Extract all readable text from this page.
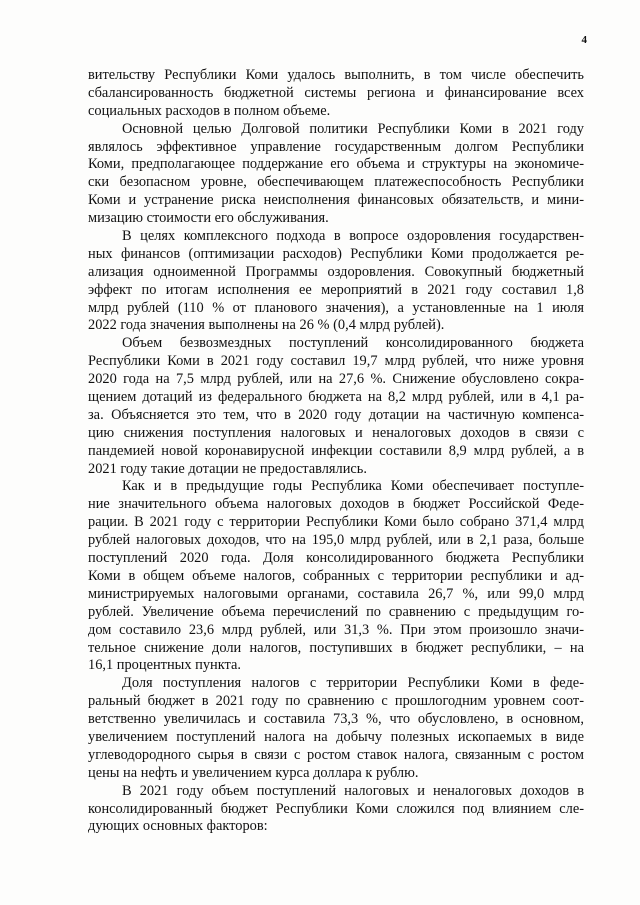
4
вительству Республики Коми удалось выполнить, в том числе обеспечить
сбалансированность бюджетной системы региона и финансирование всех
социальных расходов в полном объеме.
Основной целью Долговой политики Республики Коми в 2021 году
являлось эффективное управление государственным долгом Республики
Коми, предполагающее поддержание его объема и структуры на экономиче-
ски безопасном уровне, обеспечивающем платежеспособность Республики
Коми и устранение риска неисполнения финансовых обязательств, и мини-
мизацию стоимости его обслуживания.
В целях комплексного подхода в вопросе оздоровления государствен-
ных финансов (оптимизации расходов) Республики Коми продолжается ре-
ализация одноименной Программы оздоровления. Совокупный бюджетный
эффект по итогам исполнения ее мероприятий в 2021 году составил 1,8
млрд рублей (110 % от планового значения), а установленные на 1 июля
2022 года значения выполнены на 26 % (0,4 млрд рублей).
Объем безвозмездных поступлений консолидированного бюджета
Республики Коми в 2021 году составил 19,7 млрд рублей, что ниже уровня
2020 года на 7,5 млрд рублей, или на 27,6 %. Снижение обусловлено сокра-
щением дотаций из федерального бюджета на 8,2 млрд рублей, или в 4,1 ра-
за. Объясняется это тем, что в 2020 году дотации на частичную компенса-
цию снижения поступления налоговых и неналоговых доходов в связи с
пандемией новой коронавирусной инфекции составили 8,9 млрд рублей, а в
2021 году такие дотации не предоставлялись.
Как и в предыдущие годы Республика Коми обеспечивает поступле-
ние значительного объема налоговых доходов в бюджет Российской Феде-
рации. В 2021 году с территории Республики Коми было собрано 371,4 млрд
рублей налоговых доходов, что на 195,0 млрд рублей, или в 2,1 раза, больше
поступлений 2020 года. Доля консолидированного бюджета Республики
Коми в общем объеме налогов, собранных с территории республики и ад-
министрируемых налоговыми органами, составила 26,7 %, или 99,0 млрд
рублей. Увеличение объема перечислений по сравнению с предыдущим го-
дом составило 23,6 млрд рублей, или 31,3 %. При этом произошло значи-
тельное снижение доли налогов, поступивших в бюджет республики, – на
16,1 процентных пункта.
Доля поступления налогов с территории Республики Коми в феде-
ральный бюджет в 2021 году по сравнению с прошлогодним уровнем соот-
ветственно увеличилась и составила 73,3 %, что обусловлено, в основном,
увеличением поступлений налога на добычу полезных ископаемых в виде
углеводородного сырья в связи с ростом ставок налога, связанным с ростом
цены на нефть и увеличением курса доллара к рублю.
В 2021 году объем поступлений налоговых и неналоговых доходов в
консолидированный бюджет Республики Коми сложился под влиянием сле-
дующих основных факторов:
